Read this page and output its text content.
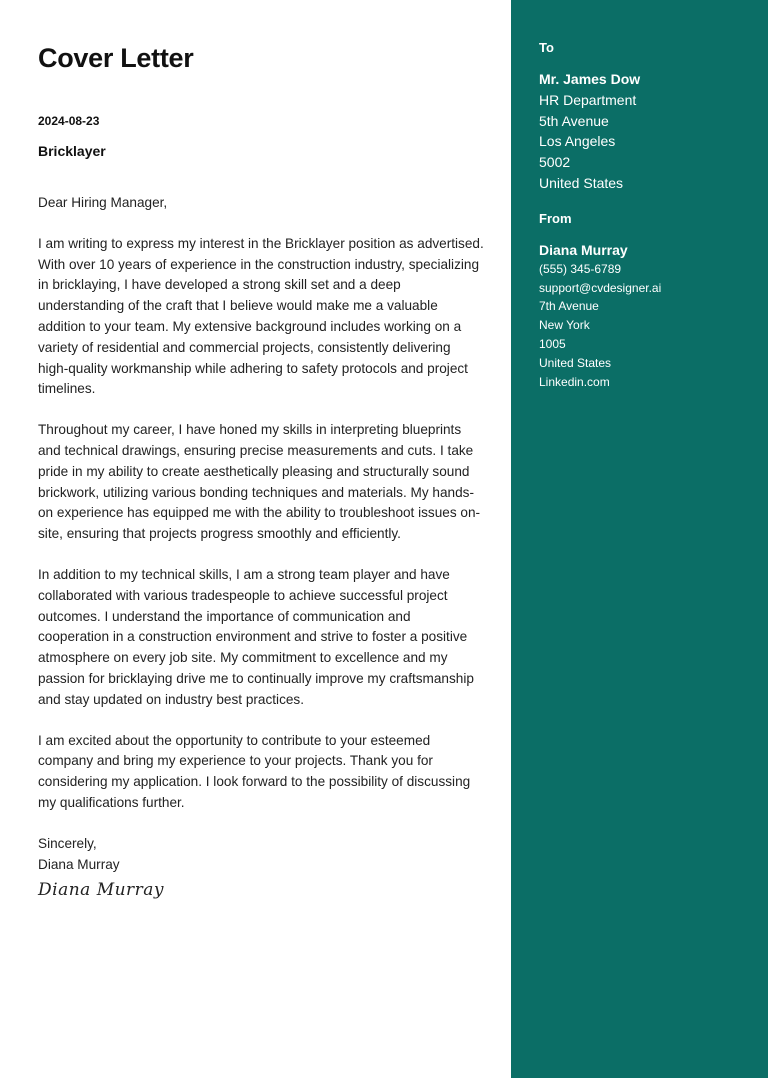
Cover Letter
2024-08-23
Bricklayer
Dear Hiring Manager,
I am writing to express my interest in the Bricklayer position as advertised. With over 10 years of experience in the construction industry, specializing in bricklaying, I have developed a strong skill set and a deep understanding of the craft that I believe would make me a valuable addition to your team. My extensive background includes working on a variety of residential and commercial projects, consistently delivering high-quality workmanship while adhering to safety protocols and project timelines.
Throughout my career, I have honed my skills in interpreting blueprints and technical drawings, ensuring precise measurements and cuts. I take pride in my ability to create aesthetically pleasing and structurally sound brickwork, utilizing various bonding techniques and materials. My hands-on experience has equipped me with the ability to troubleshoot issues on-site, ensuring that projects progress smoothly and efficiently.
In addition to my technical skills, I am a strong team player and have collaborated with various tradespeople to achieve successful project outcomes. I understand the importance of communication and cooperation in a construction environment and strive to foster a positive atmosphere on every job site. My commitment to excellence and my passion for bricklaying drive me to continually improve my craftsmanship and stay updated on industry best practices.
I am excited about the opportunity to contribute to your esteemed company and bring my experience to your projects. Thank you for considering my application. I look forward to the possibility of discussing my qualifications further.
Sincerely,
Diana Murray
Diana Murray
To
Mr. James Dow
HR Department
5th Avenue
Los Angeles
5002
United States
From
Diana Murray
(555) 345-6789
support@cvdesigner.ai
7th Avenue
New York
1005
United States
Linkedin.com
